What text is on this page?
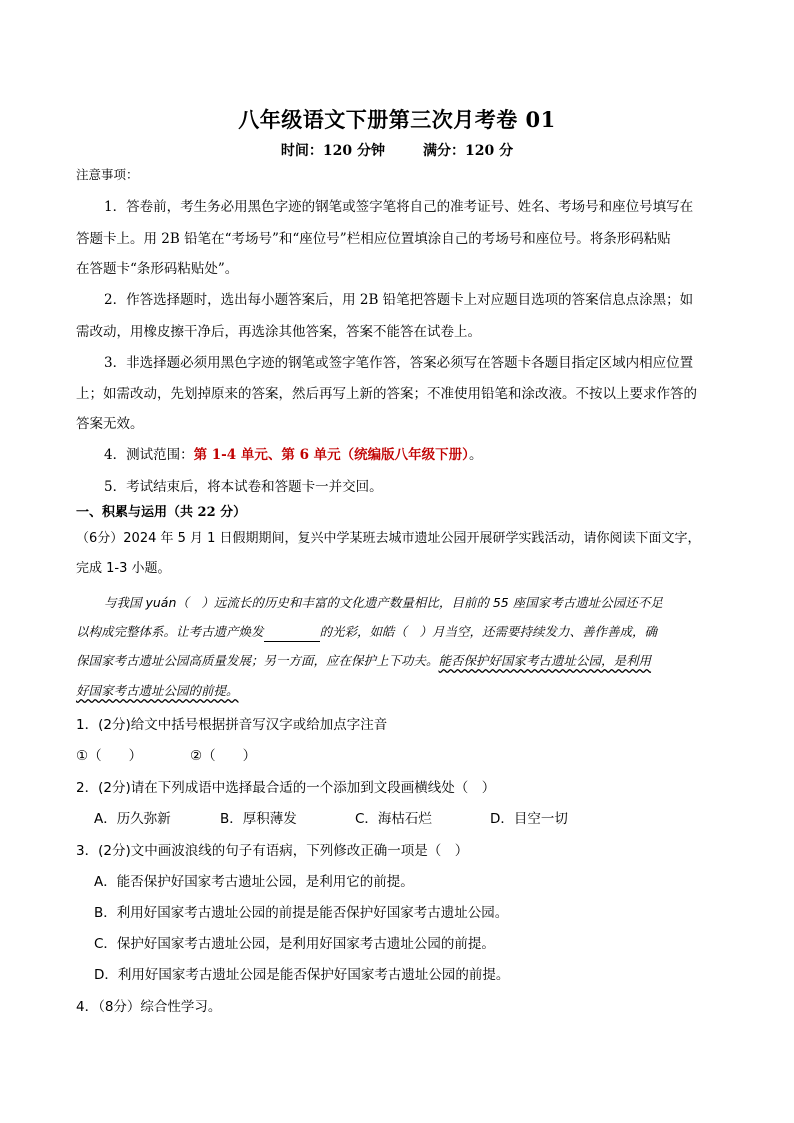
八年级语文下册第三次月考卷 01
时间：120 分钟	满分：120 分
注意事项：
1．答卷前，考生务必用黑色字迹的钢笔或签字笔将自己的准考证号、姓名、考场号和座位号填写在
答题卡上。用 2B 铅笔在“考场号”和“座位号”栏相应位置填涂自己的考场号和座位号。将条形码粘贴
在答题卡“条形码粘贴处”。
2．作答选择题时，选出每小题答案后，用 2B 铅笔把答题卡上对应题目选项的答案信息点涂黑；如
需改动，用橡皮擦干净后，再选涂其他答案，答案不能答在试卷上。
3．非选择题必须用黑色字迹的钢笔或签字笔作答，答案必须写在答题卡各题目指定区域内相应位置
上；如需改动，先划掉原来的答案，然后再写上新的答案；不准使用铅笔和涂改液。不按以上要求作答的
答案无效。
4．测试范围：第 1-4 单元、第 6 单元（统编版八年级下册）。
5．考试结束后，将本试卷和答题卡一并交回。
一、积累与运用（共 22 分）
（6分）2024 年 5 月 1 日假期期间，复兴中学某班去城市遗址公园开展研学实践活动，请你阅读下面文字，
完成 1-3 小题。
与我国 yuán（　）远流长的历史和丰富的文化遗产数量相比，目前的 55 座国家考古遗址公园还不足
以构成完整体系。让考古遗产焕发	的光彩，如皓（　）月当空，还需要持续发力、善作善成，确
保国家考古遗址公园高质量发展；另一方面，应在保护上下功夫。能否保护好国家考古遗址公园，是利用
好国家考古遗址公园的前提。
1．(2分)给文中括号根据拼音写汉字或给加点字注音
①（　　）	②（　　）
2．(2分)请在下列成语中选择最合适的一个添加到文段画横线处（　）
A．历久弥新	B．厚积薄发	C．海枯石烂	D．目空一切
3．(2分)文中画波浪线的句子有语病，下列修改正确一项是（　）
A．能否保护好国家考古遗址公园，是利用它的前提。
B．利用好国家考古遗址公园的前提是能否保护好国家考古遗址公园。
C．保护好国家考古遗址公园，是利用好国家考古遗址公园的前提。
D．利用好国家考古遗址公园是能否保护好国家考古遗址公园的前提。
4．（8分）综合性学习。
